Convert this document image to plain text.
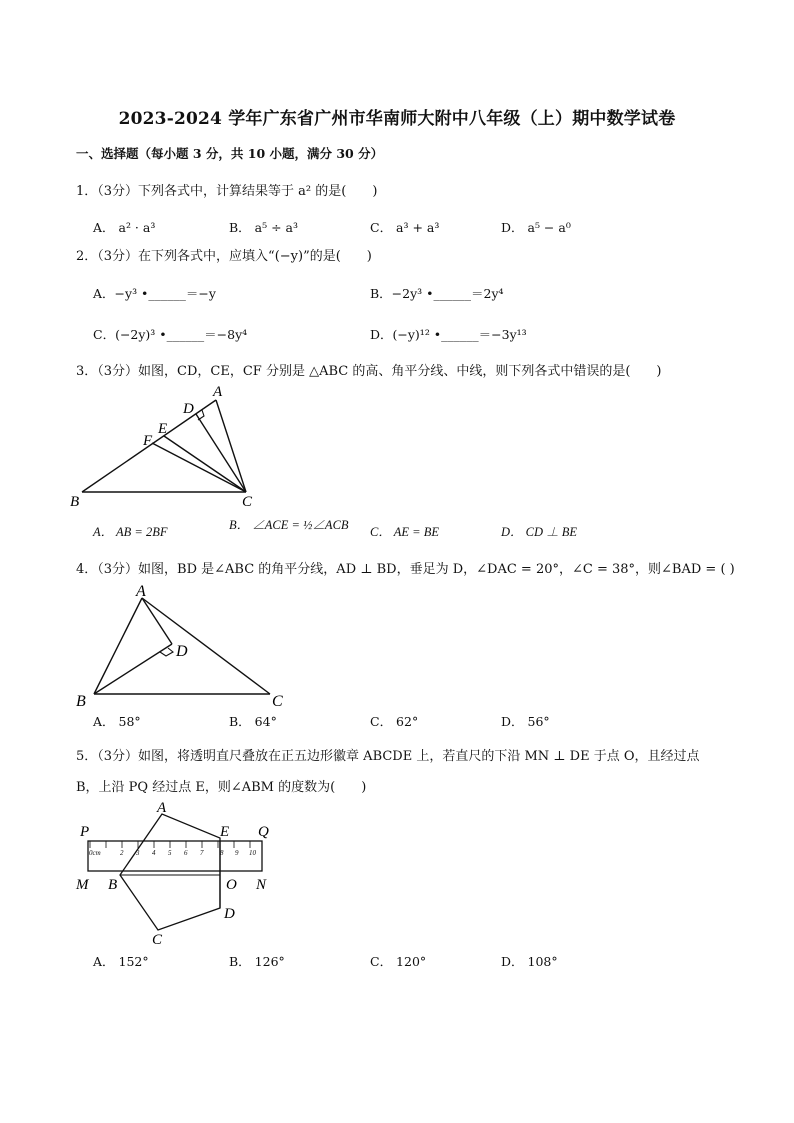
2023-2024 学年广东省广州市华南师大附中八年级（上）期中数学试卷
一、选择题（每小题 3 分，共 10 小题，满分 30 分）
1．（3分）下列各式中，计算结果等于 a² 的是(　　)
A． a² · a³	B． a⁵ ÷ a³	C． a³ + a³	D． a⁵ − a⁰
2．（3分）在下列各式中，应填入“(−y)”的是(　　)
A．−y³ •______＝−y	B．−2y³ •______＝2y⁴
C．(−2y)³ •______＝−8y⁴	D．(−y)¹² •______＝−3y¹³
3．（3分）如图，CD，CE，CF 分别是 △ABC 的高、角平分线、中线，则下列各式中错误的是(　　)
B	C
A
D
E
F
A． AB = 2BF	B． ∠ACE = ½∠ACB C． AE = BE	D． CD ⊥ BE
4．（3分）如图，BD 是∠ABC 的角平分线，AD ⊥ BD，垂足为 D，∠DAC = 20°，∠C = 38°，则∠BAD = ( )
A
B	C
D
A． 58°	B． 64°	C． 62°	D． 56°
5．（3分）如图，将透明直尺叠放在正五边形徽章 ABCDE 上，若直尺的下沿 MN ⊥ DE 于点 O，且经过点
B，上沿 PQ 经过点 E，则∠ABM 的度数为(　　)
0cm	2 3 4 5 6 7 8 9 10
A
B
C
D
E
M	N
O
P	Q
A． 152°	B． 126°	C． 120°	D． 108°
